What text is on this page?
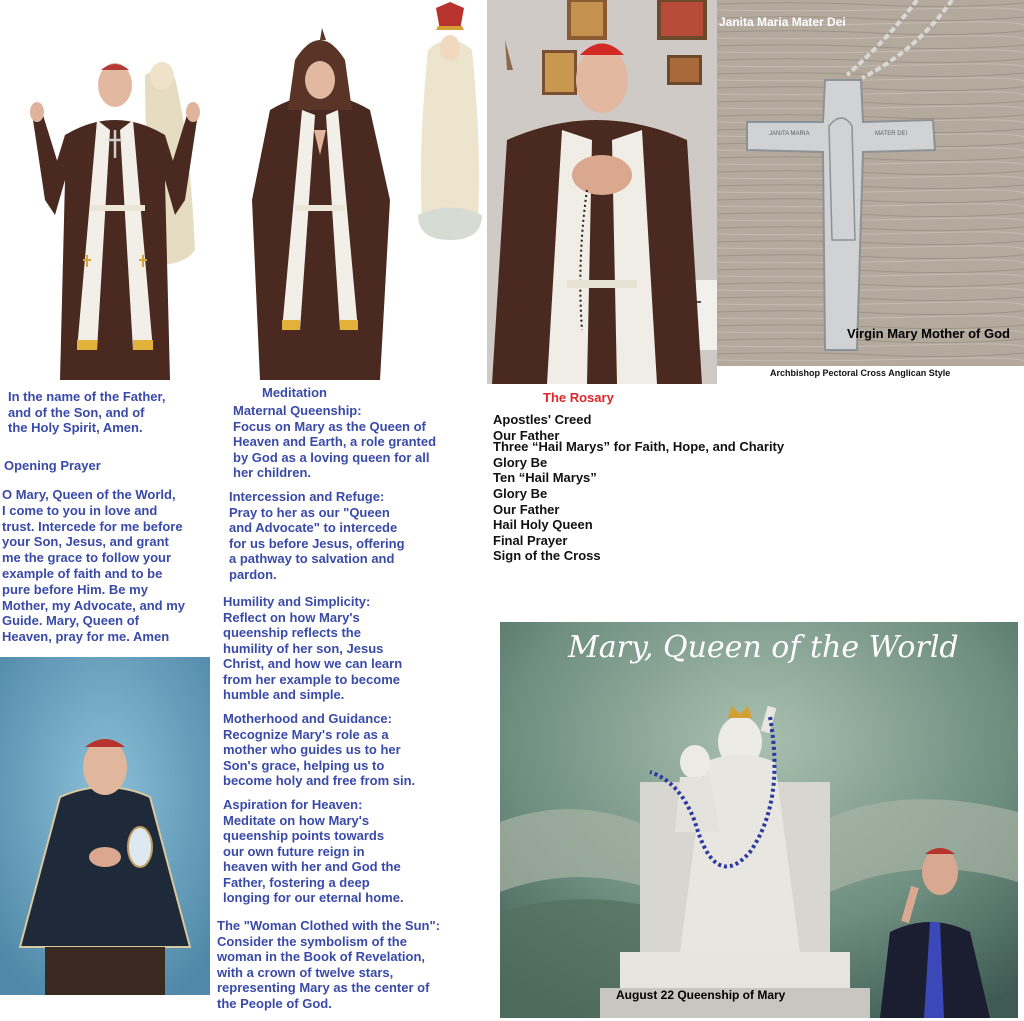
JANITA MARIA	MATER DEI
Janita Maria Mater Dei
Virgin Mary Mother of God
Archbishop Pectoral Cross Anglican Style
Mary, Queen of the World
August 22 Queenship of Mary

In the name of the Father,
and of the Son, and of
the Holy Spirit, Amen.

Opening Prayer

O Mary, Queen of the World,
I come to you in love and
trust. Intercede for me before
your Son, Jesus, and grant
me the grace to follow your
example of faith and to be
pure before Him. Be my
Mother, my Advocate, and my
Guide. Mary, Queen of
Heaven, pray for me. Amen

Meditation
Maternal Queenship:

Focus on Mary as the Queen of
Heaven and Earth, a role granted
by God as a loving queen for all
her children.

Intercession and Refuge:

Pray to her as our "Queen
and Advocate" to intercede
for us before Jesus, offering
a pathway to salvation and
pardon.

Humility and Simplicity:

Reflect on how Mary's
queenship reflects the
humility of her son, Jesus
Christ, and how we can learn
from her example to become
humble and simple.

Motherhood and Guidance:

Recognize Mary's role as a
mother who guides us to her
Son's grace, helping us to
become holy and free from sin.

Aspiration for Heaven:

Meditate on how Mary's
queenship points towards
our own future reign in
heaven with her and God the
Father, fostering a deep
longing for our eternal home.

The "Woman Clothed with the Sun":

Consider the symbolism of the
woman in the Book of Revelation,
with a crown of twelve stars,
representing Mary as the center of
the People of God.

The Rosary
Apostles' Creed
Our Father
Three “Hail Marys” for Faith, Hope, and Charity
Glory Be
Ten “Hail Marys”
Glory Be
Our Father
Hail Holy Queen
Final Prayer
Sign of the Cross
